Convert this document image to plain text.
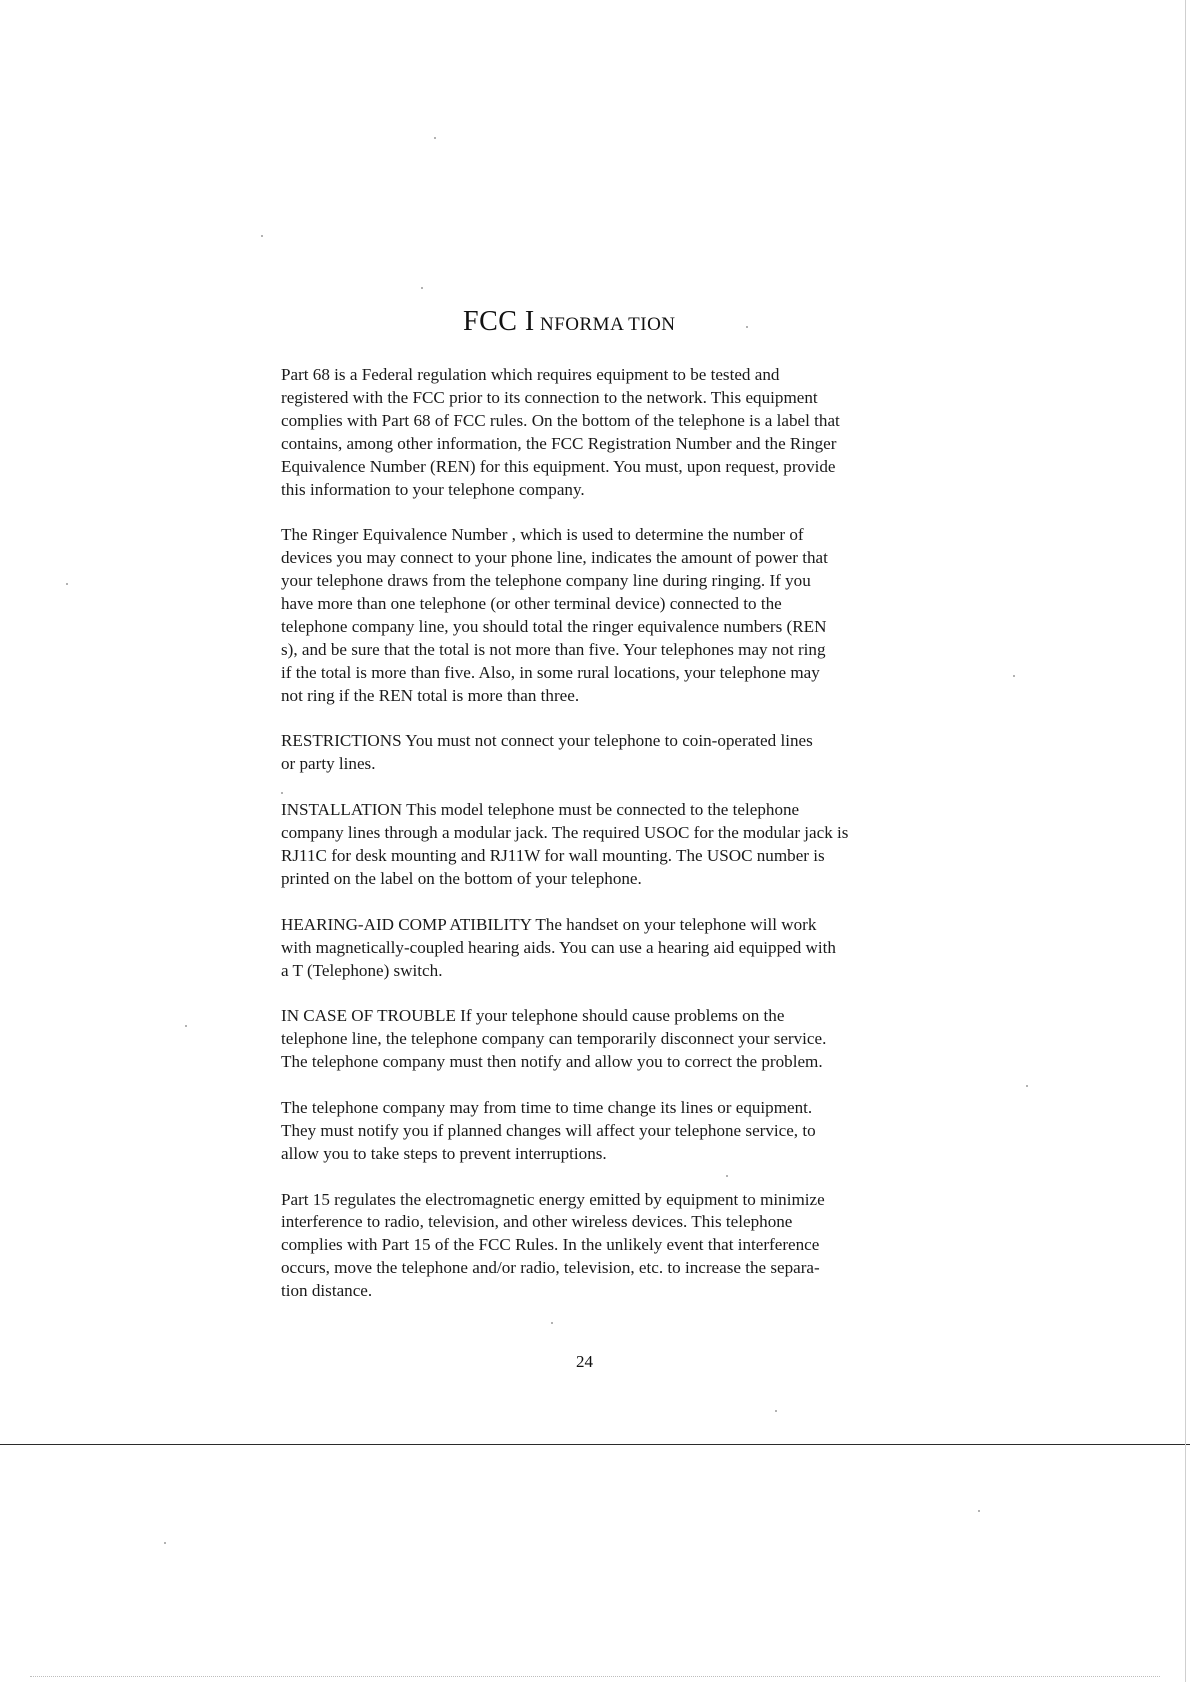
FCC I NFORMA TION

Part 68 is a Federal regulation which requires equipment to be tested and
registered with the FCC prior to its connection to the network. This equipment
complies with Part 68 of FCC rules. On the bottom of the telephone is a label that
contains, among other information, the FCC Registration Number and the Ringer
Equivalence Number (REN) for this equipment. You must, upon request, provide
this information to your telephone company.

The Ringer Equivalence Number , which is used to determine the number of
devices you may connect to your phone line, indicates the amount of power that
your telephone draws from the telephone company line during ringing. If you
have more than one telephone (or other terminal device) connected to the
telephone company line, you should total the ringer equivalence numbers (REN
s), and be sure that the total is not more than five. Your telephones may not ring
if the total is more than five. Also, in some rural locations, your telephone may
not ring if the REN total is more than three.

RESTRICTIONS You must not connect your telephone to coin-operated lines
or party lines.

INSTALLATION This model telephone must be connected to the telephone
company lines through a modular jack. The required USOC for the modular jack is
RJ11C for desk mounting and RJ11W for wall mounting. The USOC number is
printed on the label on the bottom of your telephone.

HEARING-AID COMP ATIBILITY The handset on your telephone will work
with magnetically-coupled hearing aids. You can use a hearing aid equipped with
a T (Telephone) switch.

IN CASE OF TROUBLE If your telephone should cause problems on the
telephone line, the telephone company can temporarily disconnect your service.
The telephone company must then notify and allow you to correct the problem.

The telephone company may from time to time change its lines or equipment.
They must notify you if planned changes will affect your telephone service, to
allow you to take steps to prevent interruptions.

Part 15 regulates the electromagnetic energy emitted by equipment to minimize
interference to radio, television, and other wireless devices. This telephone
complies with Part 15 of the FCC Rules. In the unlikely event that interference
occurs, move the telephone and/or radio, television, etc. to increase the separa-
tion distance.

24
